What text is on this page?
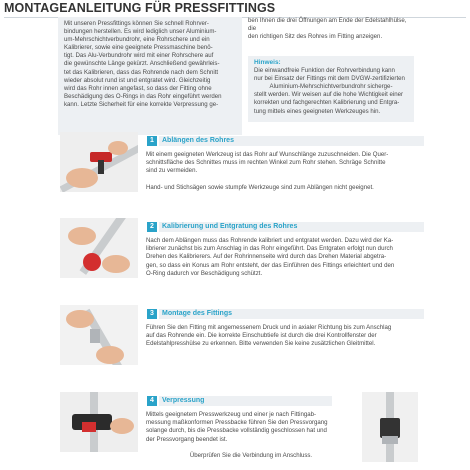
MONTAGEANLEITUNG FÜR PRESSFITTINGS
Mit unseren Pressfittings können Sie schnell Rohrver-
bindungen herstellen. Es wird lediglich unser Aluminium-
um-Mehrschichtverbundrohr, eine Rohrschere und ein
Kalibrierer, sowie eine geeignete Pressmaschine benö-
tigt. Das Alu-Verbundrohr wird mit einer Rohrschere auf
die gewünschte Länge gekürzt. Anschließend gewährleis-
tet das Kalibrieren, dass das Rohrende nach dem Schnitt
wieder absolut rund ist und entgratet wird. Gleichzeitig
wird das Rohr innen angefast, so dass der Fitting ohne
Beschädigung des O-Rings in das Rohr eingeführt werden
kann. Letzte Sicherheit für eine korrekte Verpressung ge-
ben Ihnen die drei Öffnungen am Ende der Edelstahlhülse, die
den richtigen Sitz des Rohres im Fitting anzeigen.
Hinweis:
Die einwandfreie Funktion der Rohrverbindung kann
nur bei Einsatz der Fittings mit dem DVGW-zertifizierten
Aluminium-Mehrschichtverbundrohr sicherge-
stellt werden. Wir weisen auf die hohe Wichtigkeit einer
korrekten und fachgerechten Kalibrierung und Entgra-
tung mittels eines geeigneten Werkzeuges hin.
1	Ablängen des Rohres
Mit einem geeigneten Werkzeug ist das Rohr auf Wunschlänge zuzuschneiden. Die Quer-
schnittsfläche des Schnittes muss im rechten Winkel zum Rohr stehen. Schräge Schnitte
sind zu vermeiden.

Hand- und Stichsägen sowie stumpfe Werkzeuge sind zum Ablängen nicht geeignet.
2	Kalibrierung und Entgratung des Rohres
Nach dem Ablängen muss das Rohrende kalibriert und entgratet werden. Dazu wird der Ka-
librierer zunächst bis zum Anschlag in das Rohr eingeführt. Das Entgraten erfolgt nun durch
Drehen des Kalibrierers. Auf der Rohrinnenseite wird durch das Drehen Material abgetra-
gen, so dass ein Konus am Rohr entsteht, der das Einführen des Fittings erleichtert und den
O-Ring dadurch vor Beschädigung schützt.
3	Montage des Fittings
Führen Sie den Fitting mit angemessenem Druck und in axialer Richtung bis zum Anschlag
auf das Rohrende ein. Die korrekte Einschubtiefe ist durch die drei Kontrollfenster der
Edelstahlpresshülse zu erkennen. Bitte verwenden Sie keine zusätzlichen Gleitmittel.
4	Verpressung
Mittels geeignetem Presswerkzeug und einer je nach Fittingab-
messung maßkonformen Pressbacke führen Sie den Pressvorgang
solange durch, bis die Pressbacke vollständig geschlossen hat und
der Pressvorgang beendet ist.

Überprüfen Sie die Verbindung im Anschluss.
